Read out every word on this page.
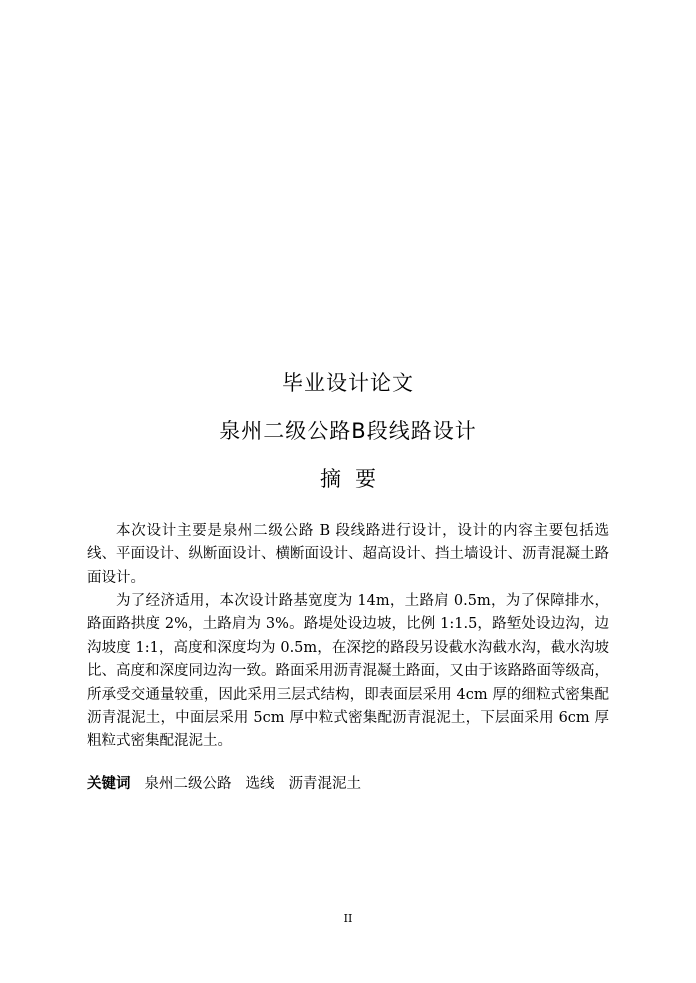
毕业设计论文
泉州二级公路B段线路设计
摘 要

本次设计主要是泉州二级公路 B 段线路进行设计，设计的内容主要包括选线、平面设计、纵断面设计、横断面设计、超高设计、挡土墙设计、沥青混凝土路面设计。

为了经济适用，本次设计路基宽度为 14m，土路肩 0.5m，为了保障排水，路面路拱度 2%，土路肩为 3%。路堤处设边坡，比例 1:1.5，路堑处设边沟，边沟坡度 1:1，高度和深度均为 0.5m，在深挖的路段另设截水沟截水沟，截水沟坡比、高度和深度同边沟一致。路面采用沥青混凝土路面，又由于该路路面等级高，所承受交通量较重，因此采用三层式结构，即表面层采用 4cm 厚的细粒式密集配沥青混泥土，中面层采用 5cm 厚中粒式密集配沥青混泥土，下层面采用 6cm 厚粗粒式密集配混泥土。

关键词 泉州二级公路 选线 沥青混泥土
II
